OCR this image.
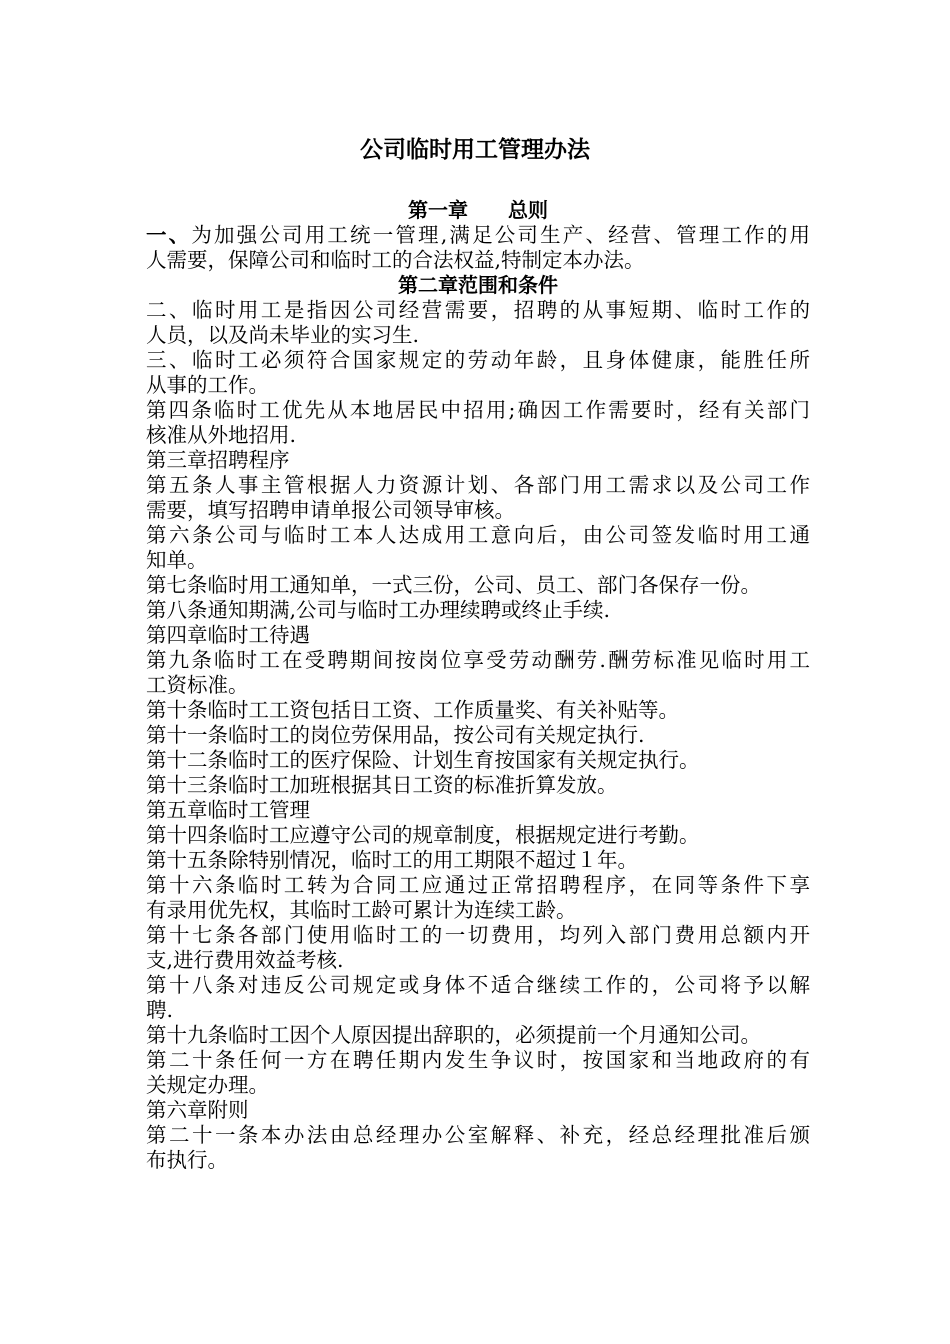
公司临时用工管理办法
第一章　　总则
一、为加强公司用工统一管理,满足公司生产、经营、管理工作的用
人需要，保障公司和临时工的合法权益,特制定本办法。
第二章范围和条件
二、临时用工是指因公司经营需要，招聘的从事短期、临时工作的
人员，以及尚未毕业的实习生.
三、临时工必须符合国家规定的劳动年龄，且身体健康，能胜任所
从事的工作。
第四条临时工优先从本地居民中招用;确因工作需要时，经有关部门
核准从外地招用.
第三章招聘程序
第五条人事主管根据人力资源计划、各部门用工需求以及公司工作
需要，填写招聘申请单报公司领导审核。
第六条公司与临时工本人达成用工意向后，由公司签发临时用工通
知单。
第七条临时用工通知单，一式三份，公司、员工、部门各保存一份。
第八条通知期满,公司与临时工办理续聘或终止手续.
第四章临时工待遇
第九条临时工在受聘期间按岗位享受劳动酬劳.酬劳标准见临时用工
工资标准。
第十条临时工工资包括日工资、工作质量奖、有关补贴等。
第十一条临时工的岗位劳保用品，按公司有关规定执行.
第十二条临时工的医疗保险、计划生育按国家有关规定执行。
第十三条临时工加班根据其日工资的标准折算发放。
第五章临时工管理
第十四条临时工应遵守公司的规章制度，根据规定进行考勤。
第十五条除特别情况，临时工的用工期限不超过１年。
第十六条临时工转为合同工应通过正常招聘程序，在同等条件下享
有录用优先权，其临时工龄可累计为连续工龄。
第十七条各部门使用临时工的一切费用，均列入部门费用总额内开
支,进行费用效益考核.
第十八条对违反公司规定或身体不适合继续工作的，公司将予以解
聘.
第十九条临时工因个人原因提出辞职的，必须提前一个月通知公司。
第二十条任何一方在聘任期内发生争议时，按国家和当地政府的有
关规定办理。
第六章附则
第二十一条本办法由总经理办公室解释、补充，经总经理批准后颁
布执行。
